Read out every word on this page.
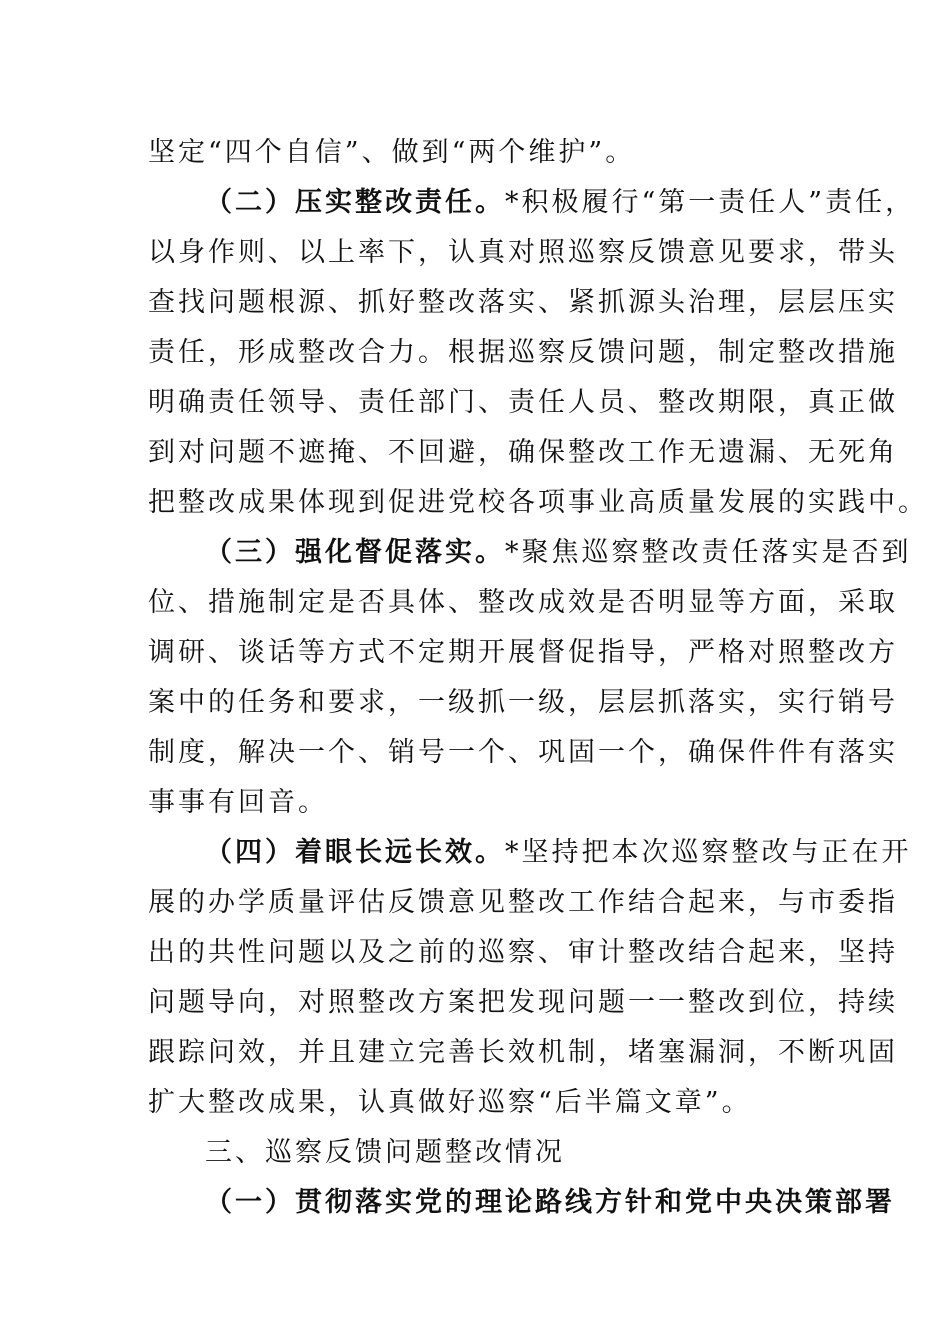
坚定“四个自信”、做到“两个维护”。
（二）压实整改责任。*积极履行“第一责任人”责任，
以身作则、以上率下，认真对照巡察反馈意见要求，带头
查找问题根源、抓好整改落实、紧抓源头治理，层层压实
责任，形成整改合力。根据巡察反馈问题，制定整改措施
明确责任领导、责任部门、责任人员、整改期限，真正做
到对问题不遮掩、不回避，确保整改工作无遗漏、无死角
把整改成果体现到促进党校各项事业高质量发展的实践中。
（三）强化督促落实。*聚焦巡察整改责任落实是否到
位、措施制定是否具体、整改成效是否明显等方面，采取
调研、谈话等方式不定期开展督促指导，严格对照整改方
案中的任务和要求，一级抓一级，层层抓落实，实行销号
制度，解决一个、销号一个、巩固一个，确保件件有落实
事事有回音。
（四）着眼长远长效。*坚持把本次巡察整改与正在开
展的办学质量评估反馈意见整改工作结合起来，与市委指
出的共性问题以及之前的巡察、审计整改结合起来，坚持
问题导向，对照整改方案把发现问题一一整改到位，持续
跟踪问效，并且建立完善长效机制，堵塞漏洞，不断巩固
扩大整改成果，认真做好巡察“后半篇文章”。
三、巡察反馈问题整改情况
（一）贯彻落实党的理论路线方针和党中央决策部署
